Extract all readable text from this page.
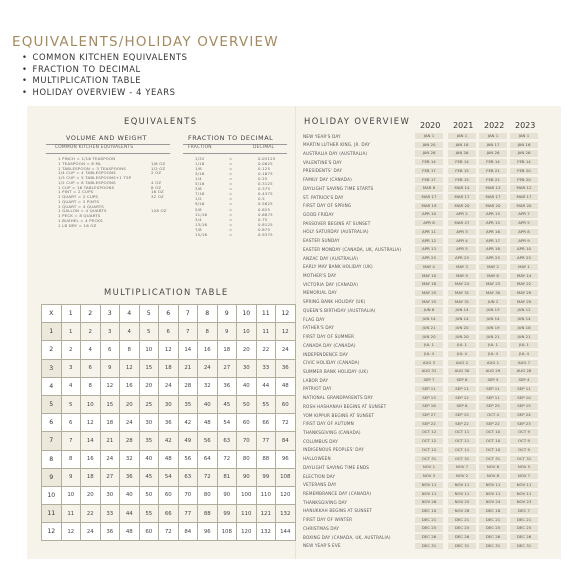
EQUIVALENTS/HOLIDAY OVERVIEW
• COMMON KITCHEN EQUIVALENTS
• FRACTION TO DECIMAL
• MULTIPLICATION TABLE
• HOLIDAY OVERVIEW - 4 YEARS
EQUIVALENTS
VOLUME AND WEIGHT
COMMON KITCHEN EQUIVALENTS
1 PINCH = 1/16 TEASPOON
1 TEASPOON = 8 ML	1/6 OZ
1 TABLESPOON = 3 TEASPOONS	1/2 OZ
1/4 CUP = 4 TABLESPOONS	2 OZ
1/3 CUP = 5 TABLESPOONS+1 TSP
1/2 CUP = 8 TABLESPOONS	4 OZ
1 CUP = 16 TABLESPOONS	8 OZ
1 PINT = 2 CUPS	16 OZ
1 QUART = 2 CUPS	32 OZ
1 QUART = 2 PINTS
1 QUART = 4 QUARTS
1 GALLON = 4 QUARTS	128 OZ
1 PECK = 8 QUARTS
1 BUSHEL = 4 PECKS
1 LB DRY = 16 OZ
FRACTION TO DECIMAL
FRACTION	DECIMAL
1/32	=	0.03125
1/16	=	0.0625
1/8	=	0.125
3/16	=	0.1875
1/4	=	0.25
5/16	=	0.3125
3/8	=	0.375
7/16	=	0.4375
1/2	=	0.5
9/16	=	0.5625
5/8	=	0.625
11/16	=	0.6875
3/4	=	0.75
13/16	=	0.8125
7/8	=	0.875
15/16	=	0.9375
MULTIPLICATION TABLE
X	1	2	3	4	5	6	7	8	9	10	11	12
1	1	2	3	4	5	6	7	8	9	10	11	12
2	2	4	6	8	10	12	14	16	18	20	22	24
3	3	6	9	12	15	18	21	24	27	30	33	36
4	4	8	12	16	20	24	28	32	36	40	44	48
5	5	10	15	20	25	30	35	40	45	50	55	60
6	6	12	18	24	30	36	42	48	54	60	66	72
7	7	14	21	28	35	42	49	56	63	70	77	84
8	8	16	24	32	40	48	56	64	72	80	88	96
9	9	18	27	36	45	54	63	72	81	90	99	108
10	10	20	30	40	50	60	70	80	90	100	110	120
11	11	22	33	44	55	66	77	88	99	110	121	132
12	12	24	36	48	60	72	84	96	108	120	132	144
HOLIDAY OVERVIEW 2020 2021 2022 2023
NEW YEAR'S DAY	JAN 1	JAN 1	JAN 1	JAN 1
MARTIN LUTHER KING, JR. DAY	JAN 20	JAN 18	JAN 17	JAN 16
AUSTRALIA DAY (AUSTRALIA)	JAN 26	JAN 26	JAN 26	JAN 26
VALENTINE'S DAY	FEB 14	FEB 14	FEB 14	FEB 14
PRESIDENTS' DAY	FEB 17	FEB 15	FEB 21	FEB 20
FAMILY DAY (CANADA)	FEB 17	FEB 15	FEB 21	FEB 20
DAYLIGHT SAVING TIME STARTS	MAR 8	MAR 14	MAR 13	MAR 12
ST. PATRICK'S DAY	MAR 17	MAR 17	MAR 17	MAR 17
FIRST DAY OF SPRING	MAR 19	MAR 20	MAR 20	MAR 20
GOOD FRIDAY	APR 10	APR 2	APR 15	APR 7
PASSOVER BEGINS AT SUNSET	APR 8	MAR 27	APR 15	APR 5
HOLY SATURDAY (AUSTRALIA)	APR 11	APR 3	APR 16	APR 8
EASTER SUNDAY	APR 12	APR 4	APR 17	APR 9
EASTER MONDAY (CANADA, UK, AUSTRALIA)	APR 13	APR 5	APR 18	APR 10
ANZAC DAY (AUSTRALIA)	APR 25	APR 25	APR 25	APR 25
EARLY MAY BANK HOLIDAY (UK)	MAY 4	MAY 3	MAY 2	MAY 1
MOTHER'S DAY	MAY 10	MAY 9	MAY 8	MAY 14
VICTORIA DAY (CANADA)	MAY 18	MAY 24	MAY 23	MAY 22
MEMORIAL DAY	MAY 25	MAY 31	MAY 30	MAY 29
SPRING BANK HOLIDAY (UK)	MAY 25	MAY 31	JUN 2	MAY 29
QUEEN'S BIRTHDAY (AUSTRALIA)	JUN 8	JUN 14	JUN 13	JUN 12
FLAG DAY	JUN 14	JUN 14	JUN 14	JUN 14
FATHER'S DAY	JUN 21	JUN 20	JUN 19	JUN 18
FIRST DAY OF SUMMER	JUN 20	JUN 20	JUN 21	JUN 21
CANADA DAY (CANADA)	JUL 1	JUL 1	JUL 1	JUL 1
INDEPENDENCE DAY	JUL 4	JUL 4	JUL 4	JUL 4
CIVIC HOLIDAY (CANADA)	AUG 3	AUG 2	AUG 1	AUG 7
SUMMER BANK HOLIDAY (UK)	AUG 31	AUG 30	AUG 29	AUG 28
LABOR DAY	SEP 7	SEP 6	SEP 5	SEP 4
PATRIOT DAY	SEP 11	SEP 11	SEP 11	SEP 11
NATIONAL GRANDPARENTS DAY	SEP 13	SEP 12	SEP 11	SEP 10
ROSH HASHANAH BEGINS AT SUNSET	SEP 18	SEP 6	SEP 25	SEP 15
YOM KIPPUR BEGINS AT SUNSET	SEP 27	SEP 15	OCT 4	SEP 24
FIRST DAY OF AUTUMN	SEP 22	SEP 22	SEP 22	SEP 23
THANKSGIVING (CANADA)	OCT 12	OCT 11	OCT 10	OCT 9
COLUMBUS DAY	OCT 12	OCT 11	OCT 10	OCT 9
INDIGENOUS PEOPLES' DAY	OCT 12	OCT 11	OCT 10	OCT 9
HALLOWEEN	OCT 31	OCT 31	OCT 31	OCT 31
DAYLIGHT SAVING TIME ENDS	NOV 1	NOV 7	NOV 6	NOV 5
ELECTION DAY	NOV 3	NOV 2	NOV 8	NOV 7
VETERANS DAY	NOV 11	NOV 11	NOV 11	NOV 11
REMEMBRANCE DAY (CANADA)	NOV 11	NOV 11	NOV 11	NOV 11
THANKSGIVING DAY	NOV 26	NOV 25	NOV 24	NOV 23
HANUKKAH BEGINS AT SUNSET	DEC 10	NOV 28	DEC 18	DEC 7
FIRST DAY OF WINTER	DEC 21	DEC 21	DEC 21	DEC 21
CHRISTMAS DAY	DEC 25	DEC 25	DEC 25	DEC 25
BOXING DAY (CANADA, UK, AUSTRALIA)	DEC 26	DEC 26	DEC 26	DEC 26
NEW YEAR'S EVE	DEC 31	DEC 31	DEC 31	DEC 31
